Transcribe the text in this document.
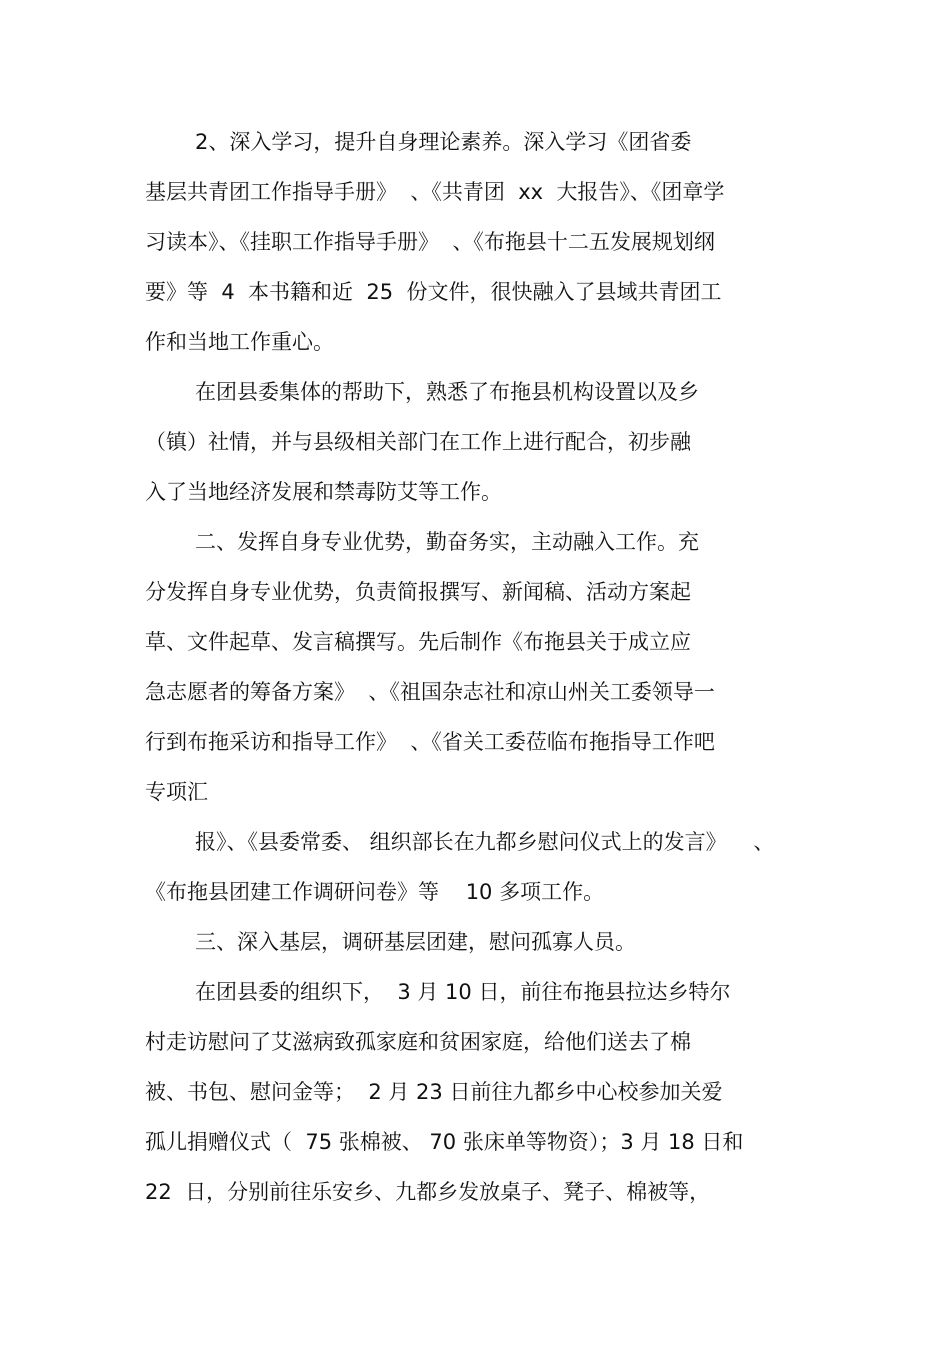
2、深入学习，提升自身理论素养。深入学习《团省委
基层共青团工作指导手册》  、《共青团  xx  大报告》、《团章学
习读本》、《挂职工作指导手册》  、《布拖县十二五发展规划纲
要》等  4  本书籍和近  25  份文件，很快融入了县域共青团工
作和当地工作重心。
在团县委集体的帮助下，熟悉了布拖县机构设置以及乡
（镇）社情，并与县级相关部门在工作上进行配合，初步融
入了当地经济发展和禁毒防艾等工作。
二、发挥自身专业优势，勤奋务实，主动融入工作。充
分发挥自身专业优势，负责简报撰写、新闻稿、活动方案起
草、文件起草、发言稿撰写。先后制作《布拖县关于成立应
急志愿者的筹备方案》  、《祖国杂志社和凉山州关工委领导一
行到布拖采访和指导工作》  、《省关工委莅临布拖指导工作吧
专项汇
报》、《县委常委、 组织部长在九都乡慰问仪式上的发言》    、
《布拖县团建工作调研问卷》等    10 多项工作。
三、深入基层，调研基层团建，慰问孤寡人员。
在团县委的组织下，  3 月 10 日，前往布拖县拉达乡特尔
村走访慰问了艾滋病致孤家庭和贫困家庭，给他们送去了棉
被、书包、慰问金等；  2 月 23 日前往九都乡中心校参加关爱
孤儿捐赠仪式（  75 张棉被、 70 张床单等物资）；3 月 18 日和
22  日，分别前往乐安乡、九都乡发放桌子、凳子、棉被等，
